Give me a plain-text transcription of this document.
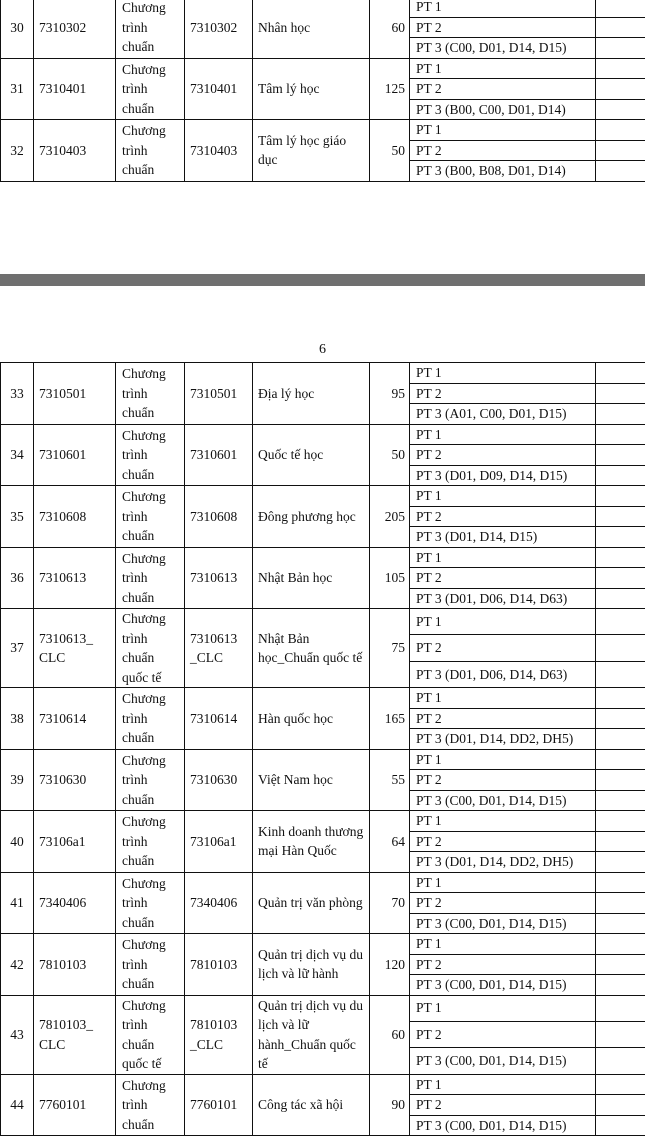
30	7310302	Chương
trình
chuẩn	7310302	Nhân học	60	PT 1	
						PT 2	
						PT 3 (C00, D01, D14, D15)	
31	7310401	Chương
trình
chuẩn	7310401	Tâm lý học	125	PT 1	
						PT 2	
						PT 3 (B00, C00, D01, D14)	
32	7310403	Chương
trình
chuẩn	7310403	Tâm lý học giáo dục	50	PT 1	
						PT 2	
						PT 3 (B00, B08, D01, D14)	
6
33	7310501	Chương
trình
chuẩn	7310501	Địa lý học	95	PT 1	
						PT 2	
						PT 3 (A01, C00, D01, D15)	
34	7310601	Chương
trình
chuẩn	7310601	Quốc tế học	50	PT 1	
						PT 2	
						PT 3 (D01, D09, D14, D15)	
35	7310608	Chương
trình
chuẩn	7310608	Đông phương học	205	PT 1	
						PT 2	
						PT 3 (D01, D14, D15)	
36	7310613	Chương
trình
chuẩn	7310613	Nhật Bản học	105	PT 1	
						PT 2	
						PT 3 (D01, D06, D14, D63)	
37	7310613_ CLC	Chương
trình
chuẩn
quốc tế	7310613 _CLC	Nhật Bản học_Chuẩn quốc tế	75	PT 1	
						PT 2	
						PT 3 (D01, D06, D14, D63)	
38	7310614	Chương
trình
chuẩn	7310614	Hàn quốc học	165	PT 1	
						PT 2	
						PT 3 (D01, D14, DD2, DH5)	
39	7310630	Chương
trình
chuẩn	7310630	Việt Nam học	55	PT 1	
						PT 2	
						PT 3 (C00, D01, D14, D15)	
40	73106a1	Chương
trình
chuẩn	73106a1	Kinh doanh thương mại Hàn Quốc	64	PT 1	
						PT 2	
						PT 3 (D01, D14, DD2, DH5)	
41	7340406	Chương
trình
chuẩn	7340406	Quản trị văn phòng	70	PT 1	
						PT 2	
						PT 3 (C00, D01, D14, D15)	
42	7810103	Chương
trình
chuẩn	7810103	Quản trị dịch vụ du lịch và lữ hành	120	PT 1	
						PT 2	
						PT 3 (C00, D01, D14, D15)	
43	7810103_ CLC	Chương
trình
chuẩn
quốc tế	7810103 _CLC	Quản trị dịch vụ du lịch và lữ hành_Chuẩn quốc tế	60	PT 1	
						PT 2	
						PT 3 (C00, D01, D14, D15)	
44	7760101	Chương
trình
chuẩn	7760101	Công tác xã hội	90	PT 1	
						PT 2	
						PT 3 (C00, D01, D14, D15)	
